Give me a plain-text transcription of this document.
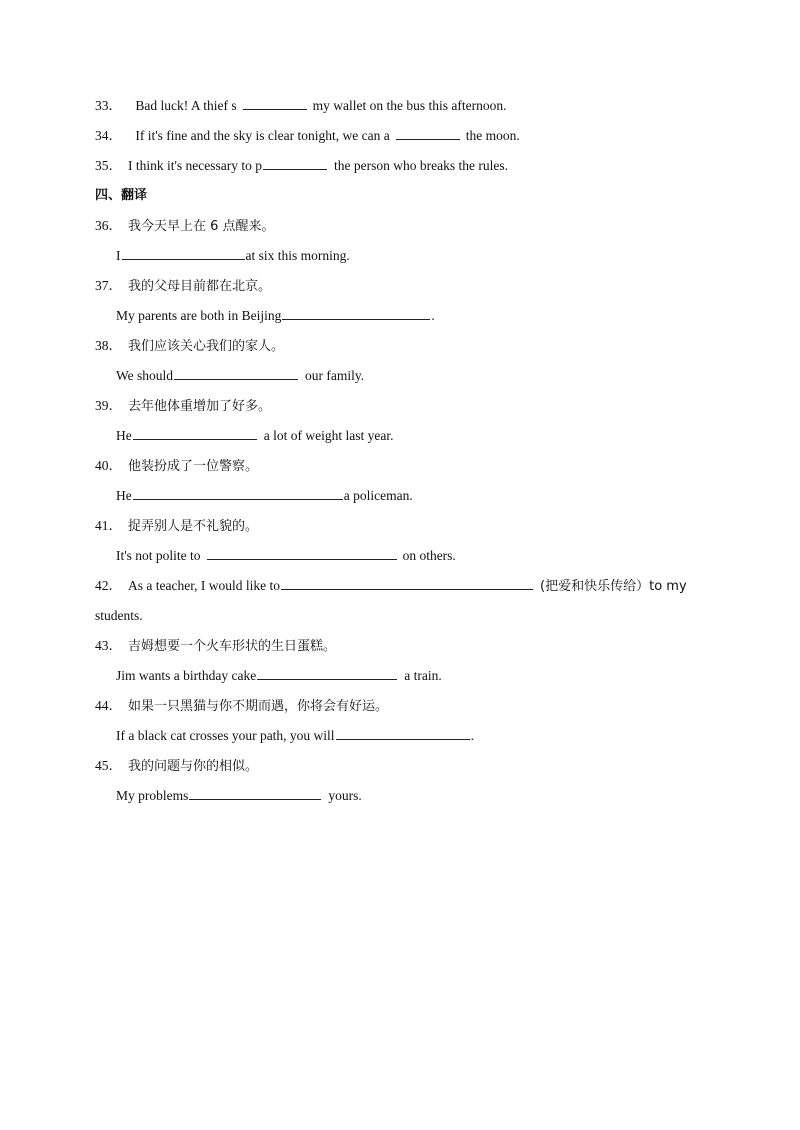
33． Bad luck! A thief s	my wallet on the bus this afternoon.
34． If it's fine and the sky is clear tonight, we can a	the moon.
35． I think it's necessary to p	the person who breaks the rules.
四、翻译
36． 我今天早上在 6 点醒来。
I	at six this morning.
37． 我的父母目前都在北京。
My parents are both in Beijing	.
38． 我们应该关心我们的家人。
We should	our family.
39． 去年他体重增加了好多。
He	a lot of weight last year.
40． 他装扮成了一位警察。
He	a policeman.
41． 捉弄别人是不礼貌的。
It's not polite to	on others.
42． As a teacher, I would like to	(把爱和快乐传给）to my
students.
43． 吉姆想要一个火车形状的生日蛋糕。
Jim wants a birthday cake	a train.
44． 如果一只黑猫与你不期而遇，你将会有好运。
If a black cat crosses your path, you will	.
45． 我的问题与你的相似。
My problems	yours.
